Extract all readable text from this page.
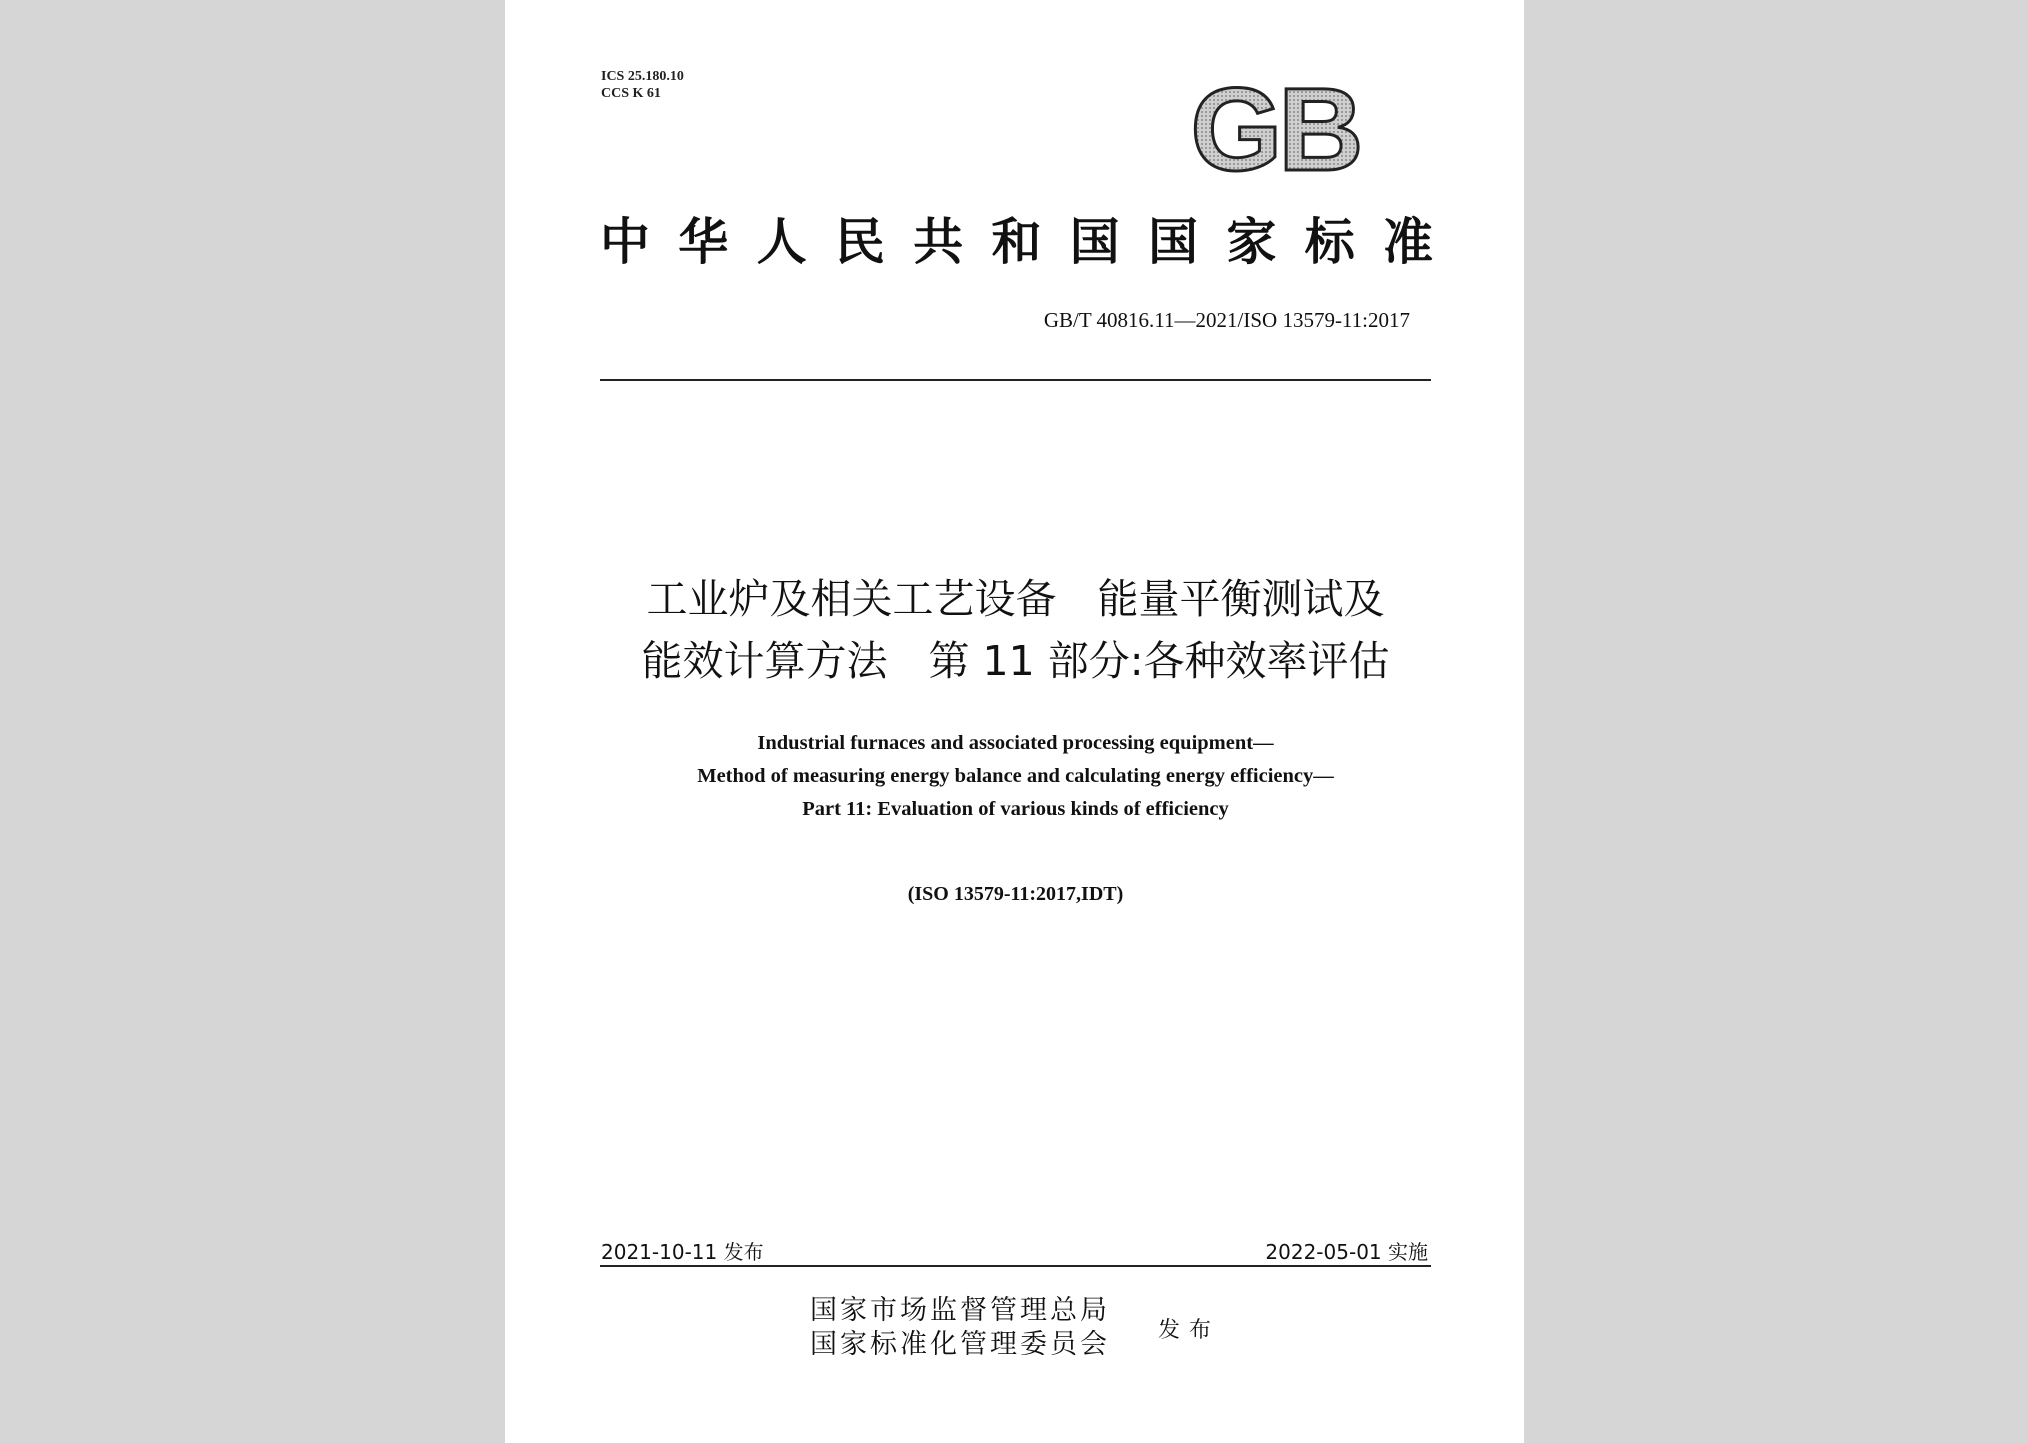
ICS 25.180.10
CCS K 61	GB
中华人民共和国国家标准
GB/T 40816.11—2021/ISO 13579-11:2017
工业炉及相关工艺设备　能量平衡测试及
能效计算方法　第 11 部分:各种效率评估
Industrial furnaces and associated processing equipment—
Method of measuring energy balance and calculating energy efficiency—
Part 11: Evaluation of various kinds of efficiency
(ISO 13579-11:2017,IDT)
2021-10-11 发布	2022-05-01 实施
国家市场监督管理总局
国家标准化管理委员会 发布
